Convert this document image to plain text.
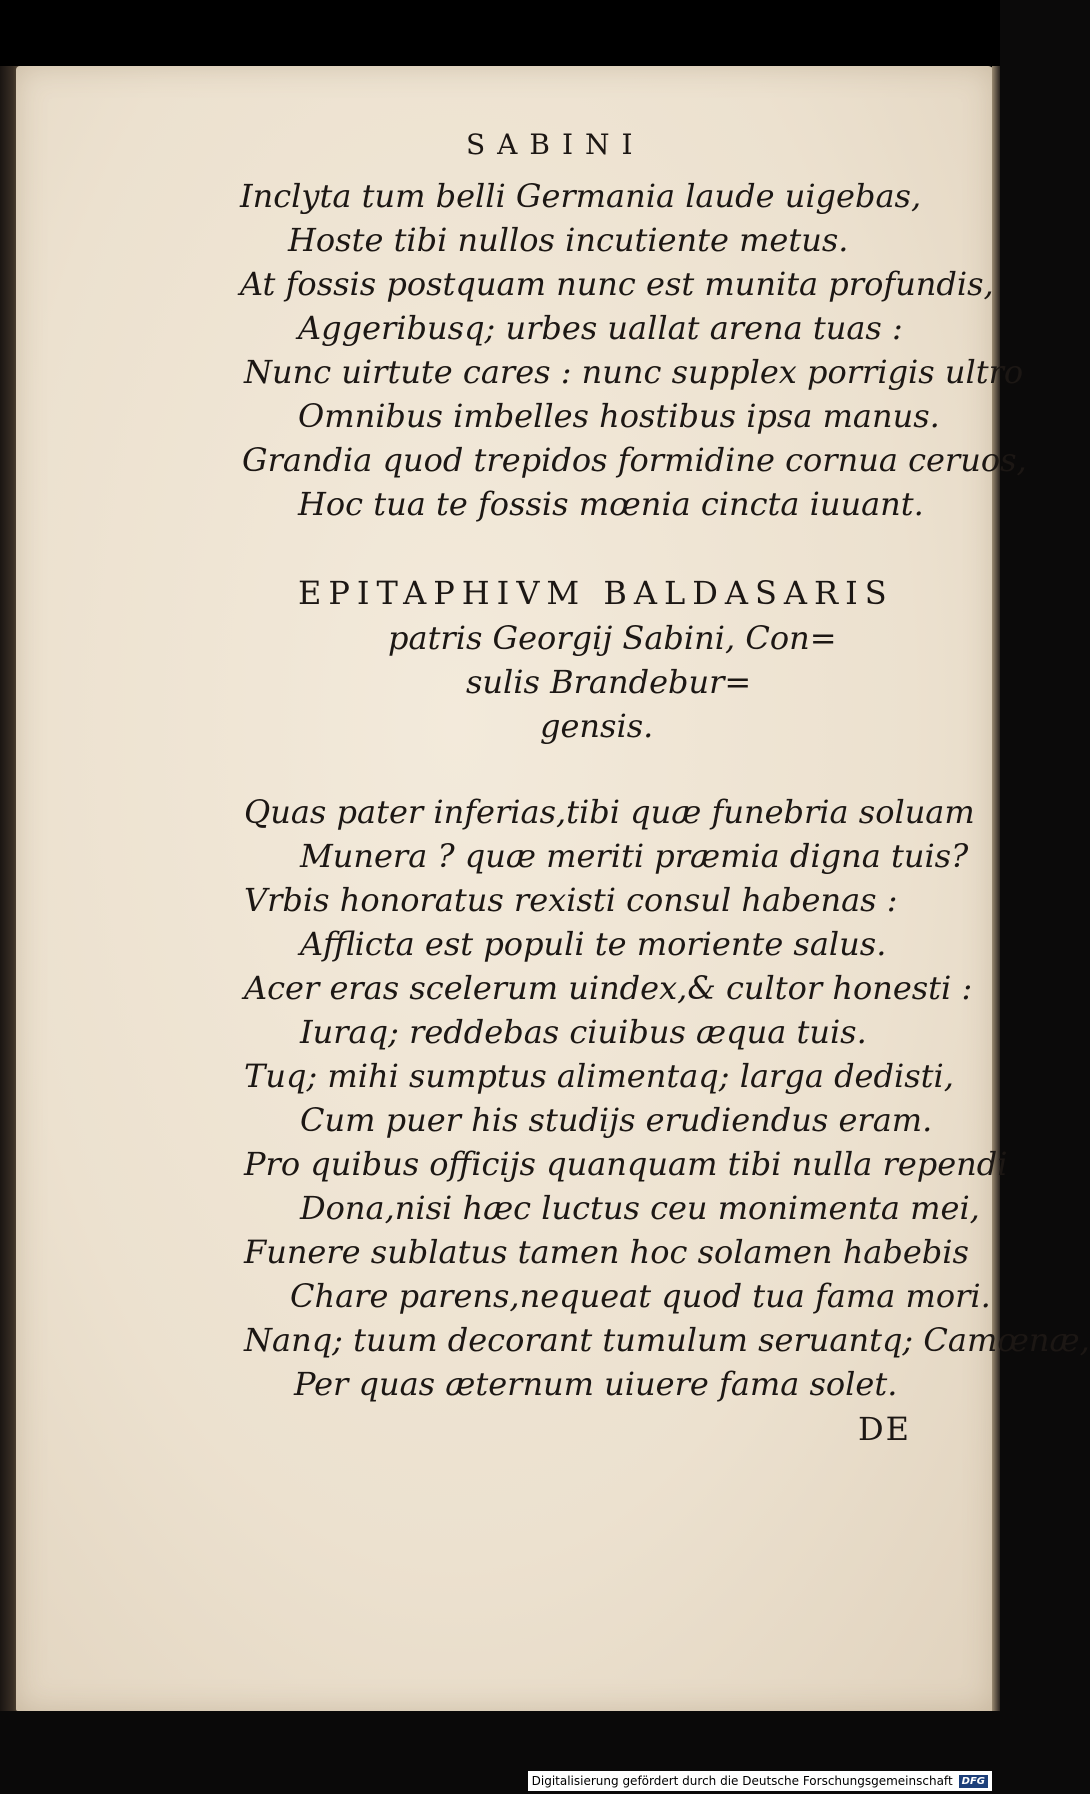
SABINI
Inclyta tum belli Germania laude uigebas,
Hoste tibi nullos incutiente metus.
At fossis postquam nunc est munita profundis,
Aggeribusq; urbes uallat arena tuas :
Nunc uirtute cares : nunc supplex porrigis ultro
Omnibus imbelles hostibus ipsa manus.
Grandia quod trepidos formidine cornua ceruos,
Hoc tua te fossis mœnia cincta iuuant.
EPITAPHIVM BALDASARIS
patris Georgij Sabini, Con=
sulis Brandebur=
gensis.
Quas pater inferias,tibi quæ funebria soluam
Munera ? quæ meriti præmia digna tuis?
Vrbis honoratus rexisti consul habenas :
Afflicta est populi te moriente salus.
Acer eras scelerum uindex,& cultor honesti :
Iuraq; reddebas ciuibus æqua tuis.
Tuq; mihi sumptus alimentaq; larga dedisti,
Cum puer his studijs erudiendus eram.
Pro quibus officijs quanquam tibi nulla rependi
Dona,nisi hæc luctus ceu monimenta mei,
Funere sublatus tamen hoc solamen habebis
Chare parens,nequeat quod tua fama mori.
Nanq; tuum decorant tumulum seruantq; Camœnæ,
Per quas æternum uiuere fama solet.
DE
Digitalisierung gefördert durch die Deutsche Forschungsgemeinschaft DFG
